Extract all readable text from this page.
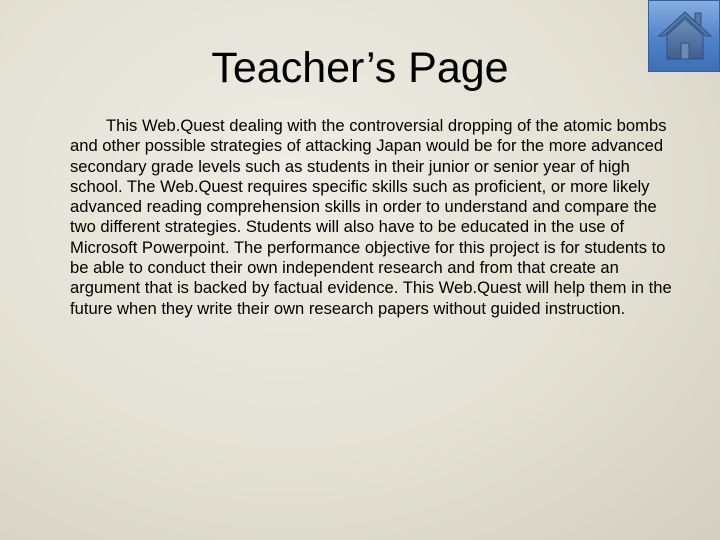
Teacher’s Page

This Web.Quest dealing with the controversial dropping of the atomic bombs and other possible strategies of attacking Japan would be for the more advanced secondary grade levels such as students in their junior or senior year of high school. The Web.Quest requires specific skills such as proficient, or more likely advanced reading comprehension skills in order to understand and compare the two different strategies. Students will also have to be educated in the use of Microsoft Powerpoint. The performance objective for this project is for students to be able to conduct their own independent research and from that create an argument that is backed by factual evidence. This Web.Quest will help them in the future when they write their own research papers without guided instruction.
